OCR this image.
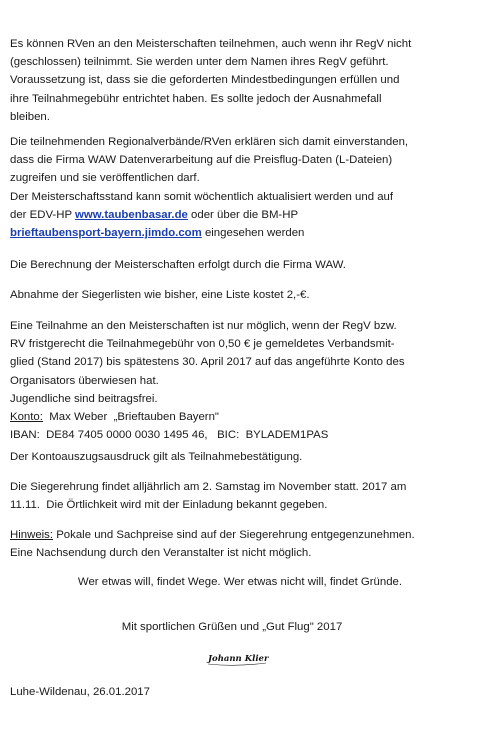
Es können RVen an den Meisterschaften teilnehmen, auch wenn ihr RegV nicht
(geschlossen) teilnimmt. Sie werden unter dem Namen ihres RegV geführt.
Voraussetzung ist, dass sie die geforderten Mindestbedingungen erfüllen und
ihre Teilnahmegebühr entrichtet haben. Es sollte jedoch der Ausnahmefall
bleiben.
Die teilnehmenden Regionalverbände/RVen erklären sich damit einverstanden,
dass die Firma WAW Datenverarbeitung auf die Preisflug-Daten (L-Dateien)
zugreifen und sie veröffentlichen darf.
Der Meisterschaftsstand kann somit wöchentlich aktualisiert werden und auf
der EDV-HP www.taubenbasar.de oder über die BM-HP
brieftaubensport-bayern.jimdo.com eingesehen werden
Die Berechnung der Meisterschaften erfolgt durch die Firma WAW.
Abnahme der Siegerlisten wie bisher, eine Liste kostet 2,-€.
Eine Teilnahme an den Meisterschaften ist nur möglich, wenn der RegV bzw.
RV fristgerecht die Teilnahmegebühr von 0,50 € je gemeldetes Verbandsmit-
glied (Stand 2017) bis spätestens 30. April 2017 auf das angeführte Konto des
Organisators überwiesen hat.
Jugendliche sind beitragsfrei.
Konto:  Max Weber  „Brieftauben Bayern"
IBAN:  DE84 7405 0000 0030 1495 46,   BIC:  BYLADEM1PAS
Der Kontoauszugsausdruck gilt als Teilnahmebestätigung.
Die Siegerehrung findet alljährlich am 2. Samstag im November statt. 2017 am
11.11.  Die Örtlichkeit wird mit der Einladung bekannt gegeben.
Hinweis: Pokale und Sachpreise sind auf der Siegerehrung entgegenzunehmen.
Eine Nachsendung durch den Veranstalter ist nicht möglich.
Wer etwas will, findet Wege. Wer etwas nicht will, findet Gründe.
Mit sportlichen Grüßen und „Gut Flug" 2017
Johann Klier
Luhe-Wildenau, 26.01.2017
